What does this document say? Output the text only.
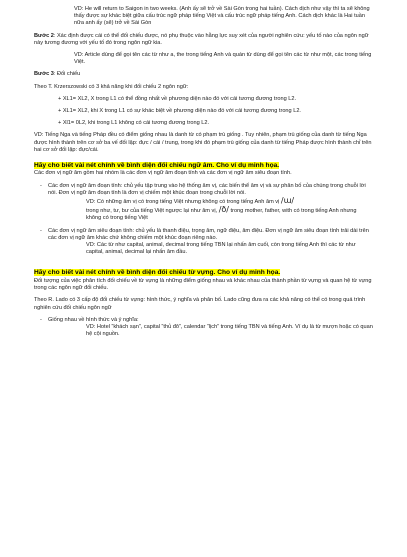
VD: He will return to Saigon in two weeks. (Anh ấy sẽ trở về Sài Gòn trong hai tuần). Cách dịch như vậy thì ta sẽ không thấy được sự khác biệt giữa cấu trúc ngữ pháp tiếng Việt và cấu trúc ngữ pháp tiếng Anh. Cách dịch khác là Hai tuần nữa anh ấy (sẽ) trở về Sài Gòn

Bước 2: Xác định được cái có thể đối chiếu được, nó phụ thuộc vào hằng lực suy xét của người nghiên cứu: yếu tố nào của ngôn ngữ này tương đương với yếu tố đó trong ngôn ngữ kia.

VD: Article dùng để gọi tên các từ như a, the trong tiếng Anh và quán từ dùng để gọi tên các từ như một, các trong tiếng Việt.

Bước 3: Đối chiếu

Theo T. Krzerszowski có 3 khả năng khi đối chiếu 2 ngôn ngữ:

+ XL1= XL2, X trong L1 có thể đồng nhất về phương diện nào đó với cái tương đương trong L2.

+ XL1= XL2, khi X trong L1 có sự khác biệt về phương diện nào đó với cái tương đương trong L2.

+ Xl1= 0L2, khi trong L1 không có cái tương đương trong L2.

VD: Tiếng Nga và tiếng Pháp đều có điểm giống nhau là danh từ có phạm trù giống . Tuy nhiên, phạm trù giống của danh từ tiếng Nga được hình thành trên cơ sở ba vế đối lập: đực / cái / trung, trong khi đó phạm trù giống của danh từ tiếng Pháp được hình thành chỉ trên hai cơ sở đối lập: đực/cái.

Hãy cho biết vài nét chính về bình diện đối chiếu ngữ âm. Cho ví dụ minh họa.

Các đơn vị ngữ âm gồm hai nhóm là các đơn vị ngữ âm đoạn tính và các đơn vị ngữ âm siêu đoạn tính.

-	Các đơn vị ngữ âm đoạn tính: chủ yếu tập trung vào hệ thống âm vị, các biến thể âm vị và sự phân bố của chúng trong chuỗi lời nói. Đơn vị ngữ âm đoạn tính là đơn vị chiếm một khúc đoạn trong chuỗi lời nói.

VD: Có những âm vị có trong tiếng Việt nhưng không có trong tiếng Anh âm vị /ɯ/

trong như, tư, bư của tiếng Việt ngược lại như âm vị, /ð/ trong mother, father, with có trong tiếng Anh nhưng không có trong tiếng Việt

-	Các đơn vị ngữ âm siêu đoạn tính: chủ yếu là thanh điệu, trọng âm, ngữ điệu, âm điệu. Đơn vị ngữ âm siêu đoạn tính trải dài trên các đơn vị ngữ âm khác chứ không chiếm một khúc đoạn riêng nào.

VD: Các từ như capital, animal, decimal trong tiếng TBN lại nhấn âm cuối, còn trong tiếng Anh thì các từ như capital, animal, decimal lại nhấn âm đầu.

Hãy cho biết vài nét chính về bình diện đối chiếu từ vựng. Cho ví dụ minh họa.

Đối tượng của việc phân tích đối chiếu về từ vựng là những điểm giống nhau và khác nhau của thành phần từ vựng và quan hệ từ vựng trong các ngôn ngữ đối chiếu.

Theo R. Lado có 3 cấp độ đối chiếu từ vựng: hình thức, ý nghĩa và phân bố. Lado cũng đưa ra các khả năng có thể có trong quá trình nghiên cứu đối chiếu ngôn ngữ

-	Giống nhau về hình thức và ý nghĩa:

VD: Hotel “khách sạn”, capital “thủ đô”, calendar “lịch” trong tiếng TBN và tiếng Anh. Ví dụ là từ mượn hoặc có quan hệ cội nguồn.
